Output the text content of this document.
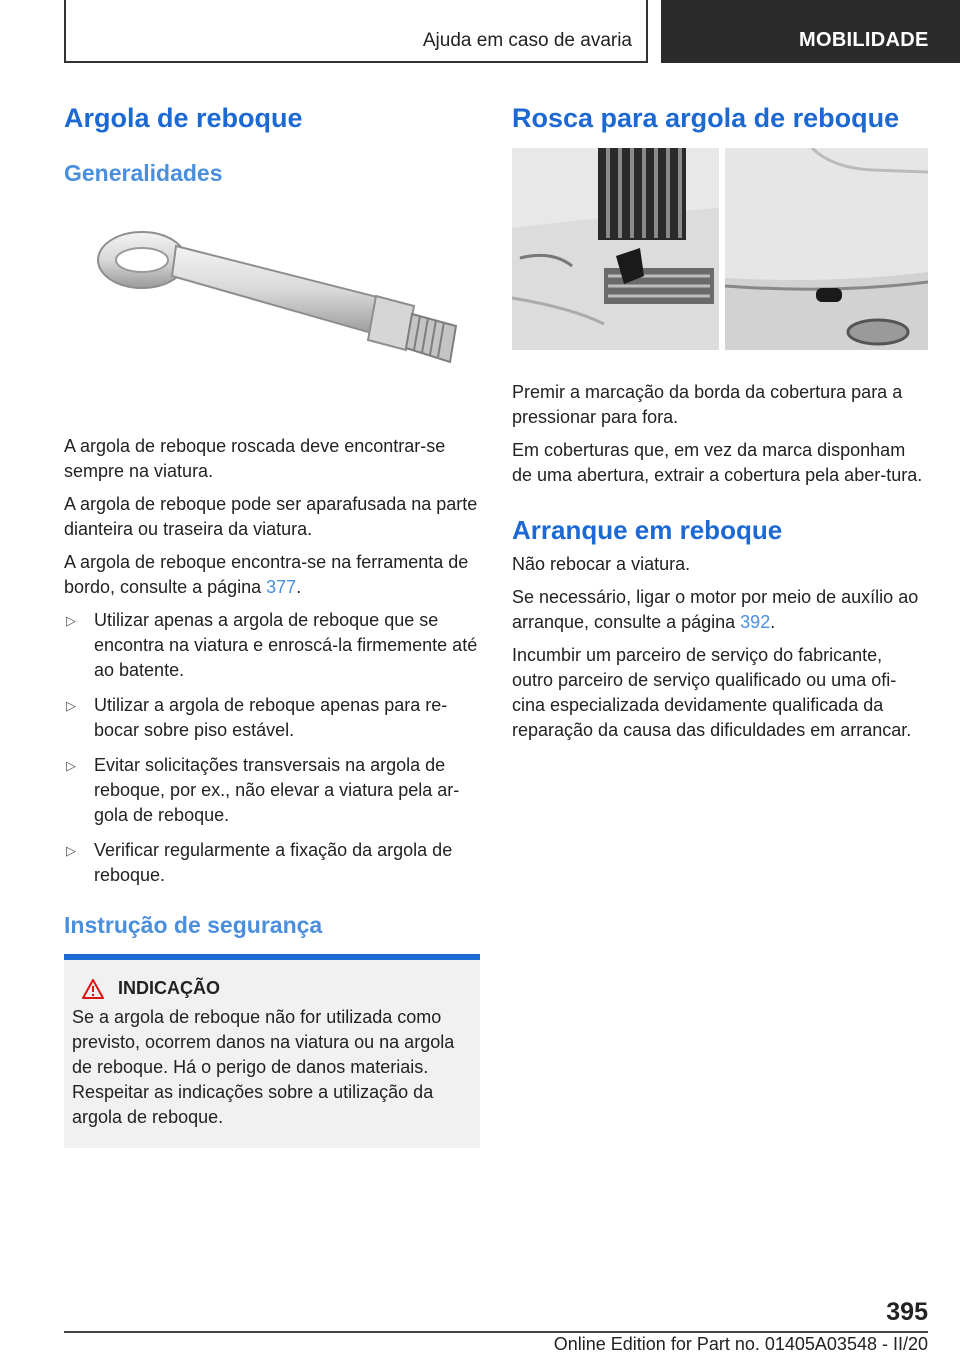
Ajuda em caso de avaria	MOBILIDADE
Argola de reboque
Generalidades

A argola de reboque roscada deve encontrar-se sempre na viatura.

A argola de reboque pode ser aparafusada na parte dianteira ou traseira da viatura.

A argola de reboque encontra-se na ferramenta de bordo, consulte a página 377.

▷ Utilizar apenas a argola de reboque que se encontra na viatura e enroscá-la firmemente até ao batente.
▷ Utilizar a argola de reboque apenas para re-bocar sobre piso estável.
▷ Evitar solicitações transversais na argola de reboque, por ex., não elevar a viatura pela ar-gola de reboque.
▷ Verificar regularmente a fixação da argola de reboque.
Instrução de segurança
INDICAÇÃO

Se a argola de reboque não for utilizada como previsto, ocorrem danos na viatura ou na argola de reboque. Há o perigo de danos materiais. Respeitar as indicações sobre a utilização da argola de reboque.

Rosca para argola de reboque

Premir a marcação da borda da cobertura para a pressionar para fora.

Em coberturas que, em vez da marca disponham de uma abertura, extrair a cobertura pela aber-tura.

Arranque em reboque

Não rebocar a viatura.

Se necessário, ligar o motor por meio de auxílio ao arranque, consulte a página 392.

Incumbir um parceiro de serviço do fabricante, outro parceiro de serviço qualificado ou uma ofi-cina especializada devidamente qualificada da reparação da causa das dificuldades em arrancar.

395
Online Edition for Part no. 01405A03548 - II/20
